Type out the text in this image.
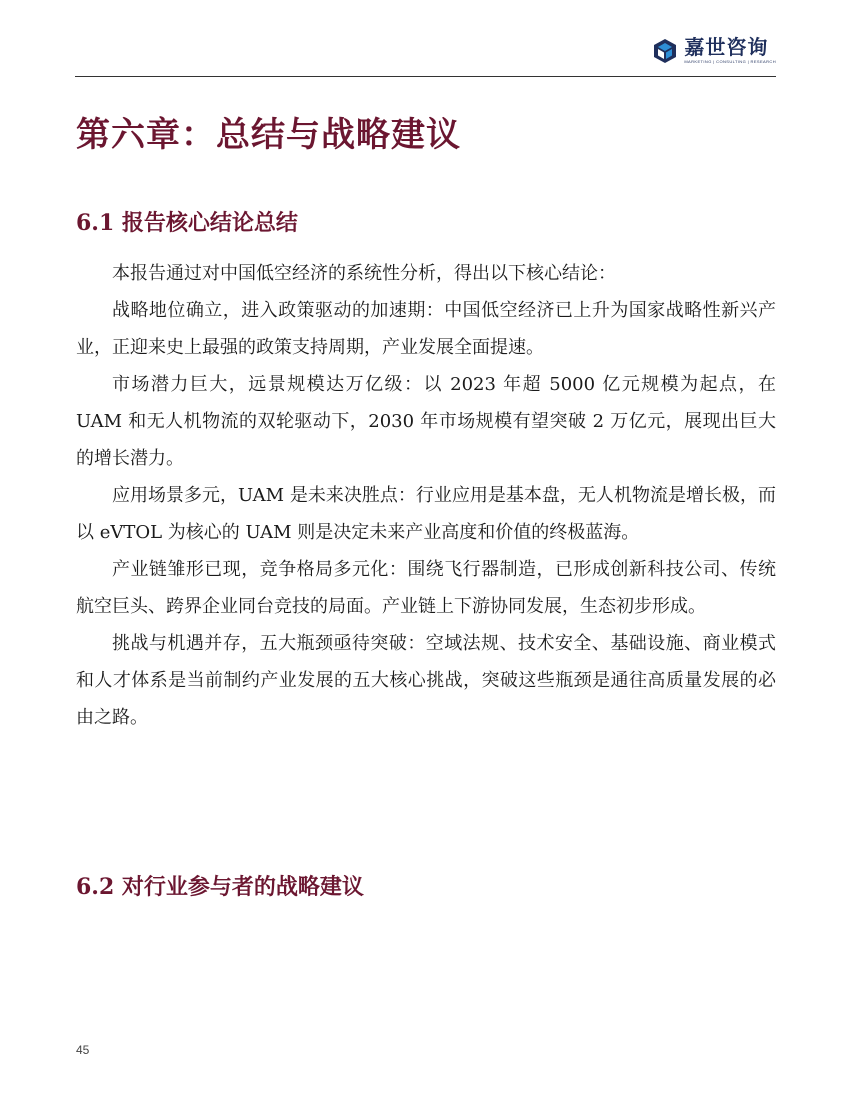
嘉世咨询
MARKETING | CONSULTING | RESEARCH
第六章：总结与战略建议
6.1 报告核心结论总结

本报告通过对中国低空经济的系统性分析，得出以下核心结论：

战略地位确立，进入政策驱动的加速期：中国低空经济已上升为国家战略性新兴产业，正迎来史上最强的政策支持周期，产业发展全面提速。

市场潜力巨大，远景规模达万亿级：以 2023 年超 5000 亿元规模为起点，在 UAM 和无人机物流的双轮驱动下，2030 年市场规模有望突破 2 万亿元，展现出巨大的增长潜力。

应用场景多元，UAM 是未来决胜点：行业应用是基本盘，无人机物流是增长极，而以 eVTOL 为核心的 UAM 则是决定未来产业高度和价值的终极蓝海。

产业链雏形已现，竞争格局多元化：围绕飞行器制造，已形成创新科技公司、传统航空巨头、跨界企业同台竞技的局面。产业链上下游协同发展，生态初步形成。

挑战与机遇并存，五大瓶颈亟待突破：空域法规、技术安全、基础设施、商业模式和人才体系是当前制约产业发展的五大核心挑战，突破这些瓶颈是通往高质量发展的必由之路。

6.2 对行业参与者的战略建议
45
